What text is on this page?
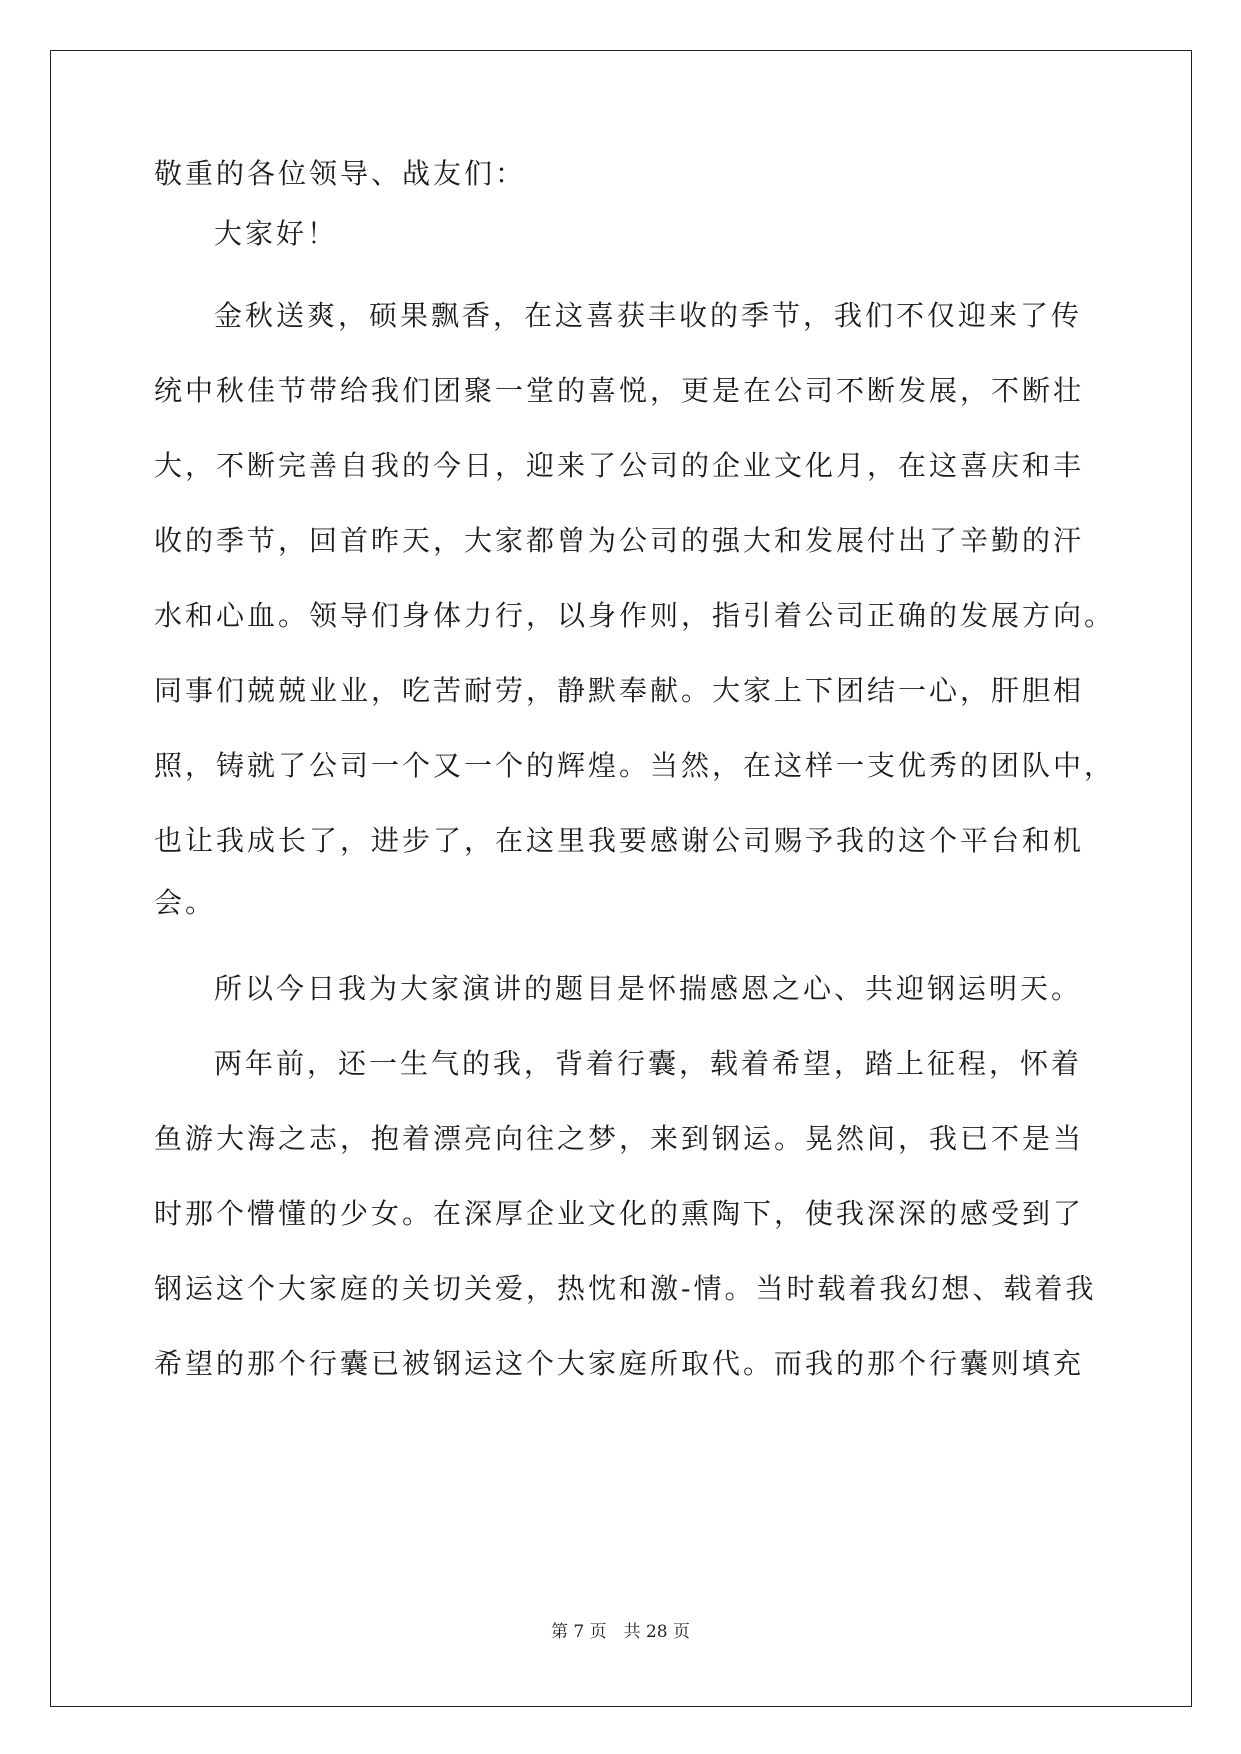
敬重的各位领导、战友们：
大家好！
金秋送爽，硕果飘香，在这喜获丰收的季节，我们不仅迎来了传
统中秋佳节带给我们团聚一堂的喜悦，更是在公司不断发展，不断壮
大，不断完善自我的今日，迎来了公司的企业文化月，在这喜庆和丰
收的季节，回首昨天，大家都曾为公司的强大和发展付出了辛勤的汗
水和心血。领导们身体力行，以身作则，指引着公司正确的发展方向。
同事们兢兢业业，吃苦耐劳，静默奉献。大家上下团结一心，肝胆相
照，铸就了公司一个又一个的辉煌。当然，在这样一支优秀的团队中，
也让我成长了，进步了，在这里我要感谢公司赐予我的这个平台和机
会。
所以今日我为大家演讲的题目是怀揣感恩之心、共迎钢运明天。
两年前，还一生气的我，背着行囊，载着希望，踏上征程，怀着
鱼游大海之志，抱着漂亮向往之梦，来到钢运。晃然间，我已不是当
时那个懵懂的少女。在深厚企业文化的熏陶下，使我深深的感受到了
钢运这个大家庭的关切关爱，热忱和激-情。当时载着我幻想、载着我
希望的那个行囊已被钢运这个大家庭所取代。而我的那个行囊则填充
第 7 页　共 28 页
